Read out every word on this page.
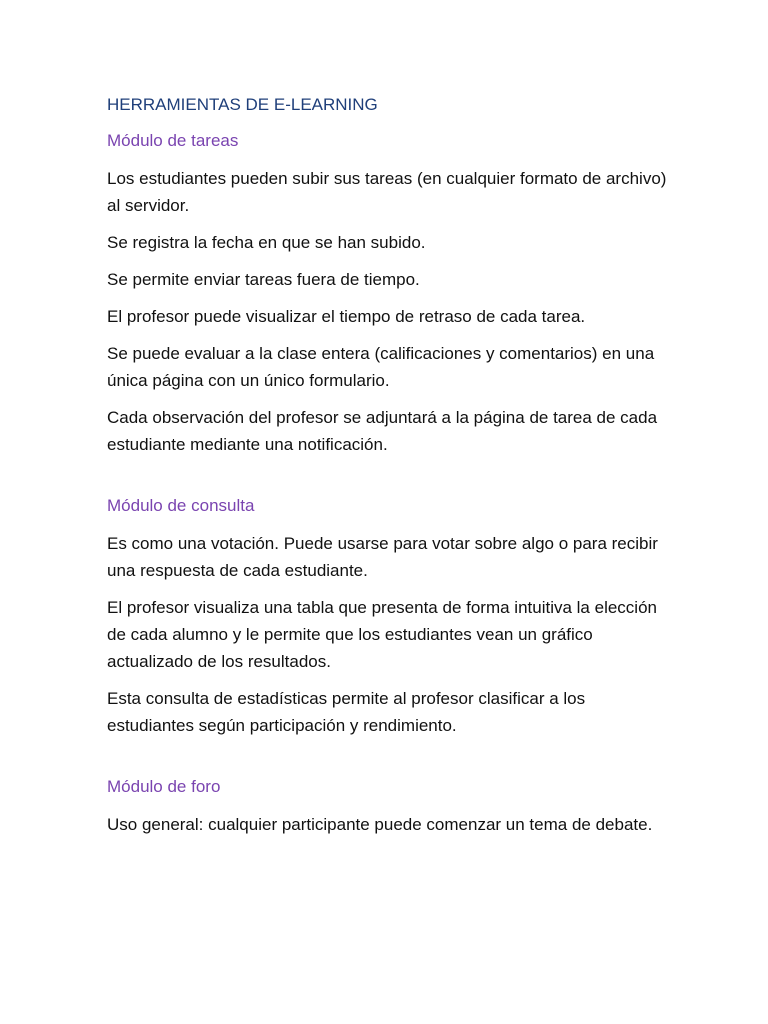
HERRAMIENTAS DE E-LEARNING
Módulo de tareas

Los estudiantes pueden subir sus tareas (en cualquier formato de archivo) al servidor.

Se registra la fecha en que se han subido.

Se permite enviar tareas fuera de tiempo.

El profesor puede visualizar el tiempo de retraso de cada tarea.

Se puede evaluar a la clase entera (calificaciones y comentarios) en una única página con un único formulario.

Cada observación del profesor se adjuntará a la página de tarea de cada estudiante mediante una notificación.

Módulo de consulta

Es como una votación. Puede usarse para votar sobre algo o para recibir una respuesta de cada estudiante.

El profesor visualiza una tabla que presenta de forma intuitiva la elección de cada alumno y le permite que los estudiantes vean un gráfico actualizado de los resultados.

Esta consulta de estadísticas permite al profesor clasificar a los estudiantes según participación y rendimiento.

Módulo de foro

Uso general: cualquier participante puede comenzar un tema de debate.
